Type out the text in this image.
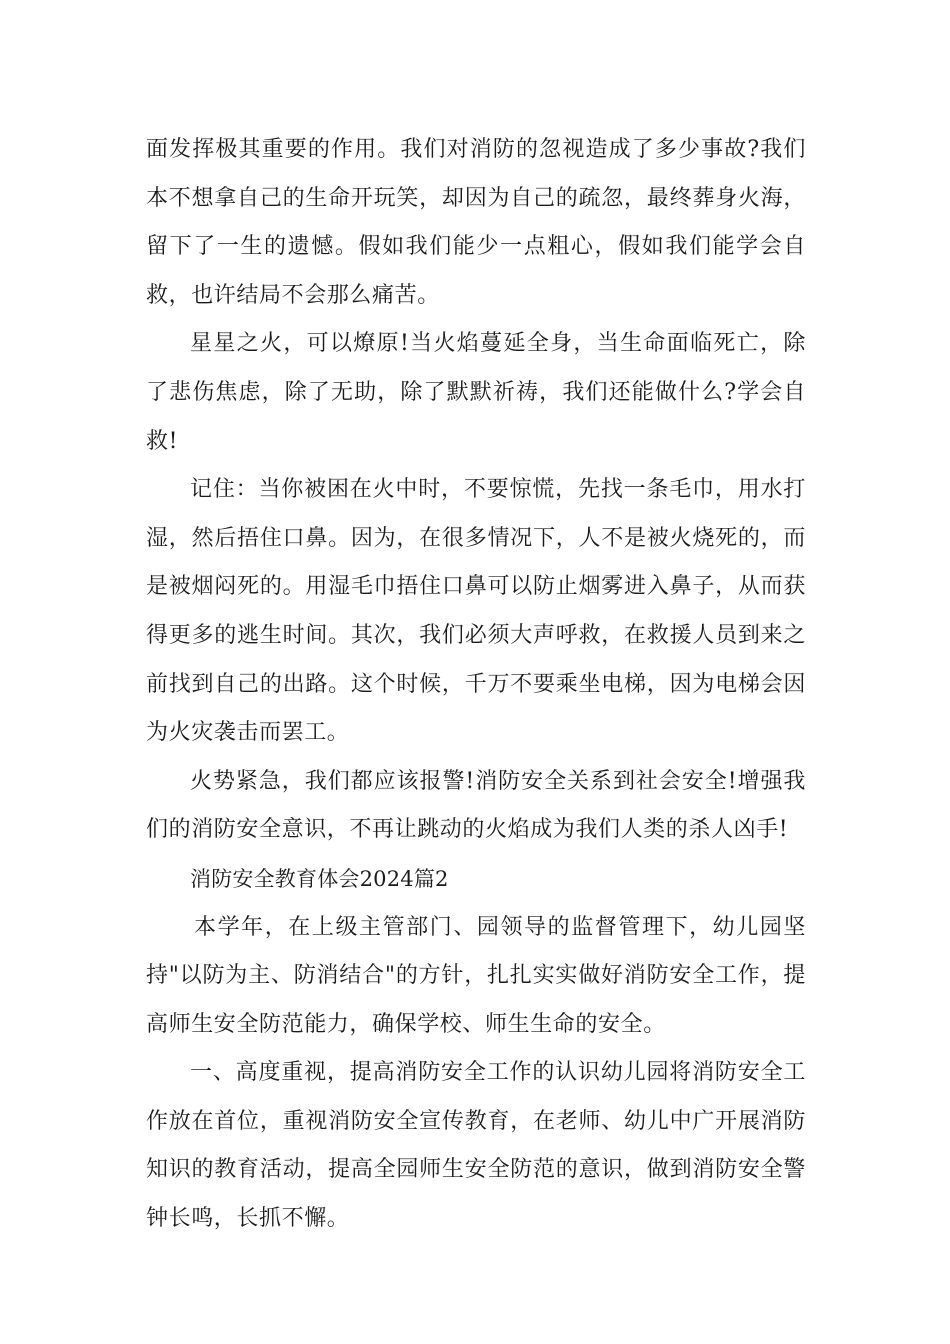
面发挥极其重要的作用。我们对消防的忽视造成了多少事故?我们本不想拿自己的生命开玩笑，却因为自己的疏忽，最终葬身火海，留下了一生的遗憾。假如我们能少一点粗心，假如我们能学会自救，也许结局不会那么痛苦。

星星之火，可以燎原!当火焰蔓延全身，当生命面临死亡，除了悲伤焦虑，除了无助，除了默默祈祷，我们还能做什么?学会自救!

记住：当你被困在火中时，不要惊慌，先找一条毛巾，用水打湿，然后捂住口鼻。因为，在很多情况下，人不是被火烧死的，而是被烟闷死的。用湿毛巾捂住口鼻可以防止烟雾进入鼻子，从而获得更多的逃生时间。其次，我们必须大声呼救，在救援人员到来之前找到自己的出路。这个时候，千万不要乘坐电梯，因为电梯会因为火灾袭击而罢工。

火势紧急，我们都应该报警!消防安全关系到社会安全!增强我们的消防安全意识，不再让跳动的火焰成为我们人类的杀人凶手!

消防安全教育体会2024篇2

本学年，在上级主管部门、园领导的监督管理下，幼儿园坚持"以防为主、防消结合"的方针，扎扎实实做好消防安全工作，提高师生安全防范能力，确保学校、师生生命的安全。

一、高度重视，提高消防安全工作的认识幼儿园将消防安全工作放在首位，重视消防安全宣传教育，在老师、幼儿中广开展消防知识的教育活动，提高全园师生安全防范的意识，做到消防安全警钟长鸣，长抓不懈。
